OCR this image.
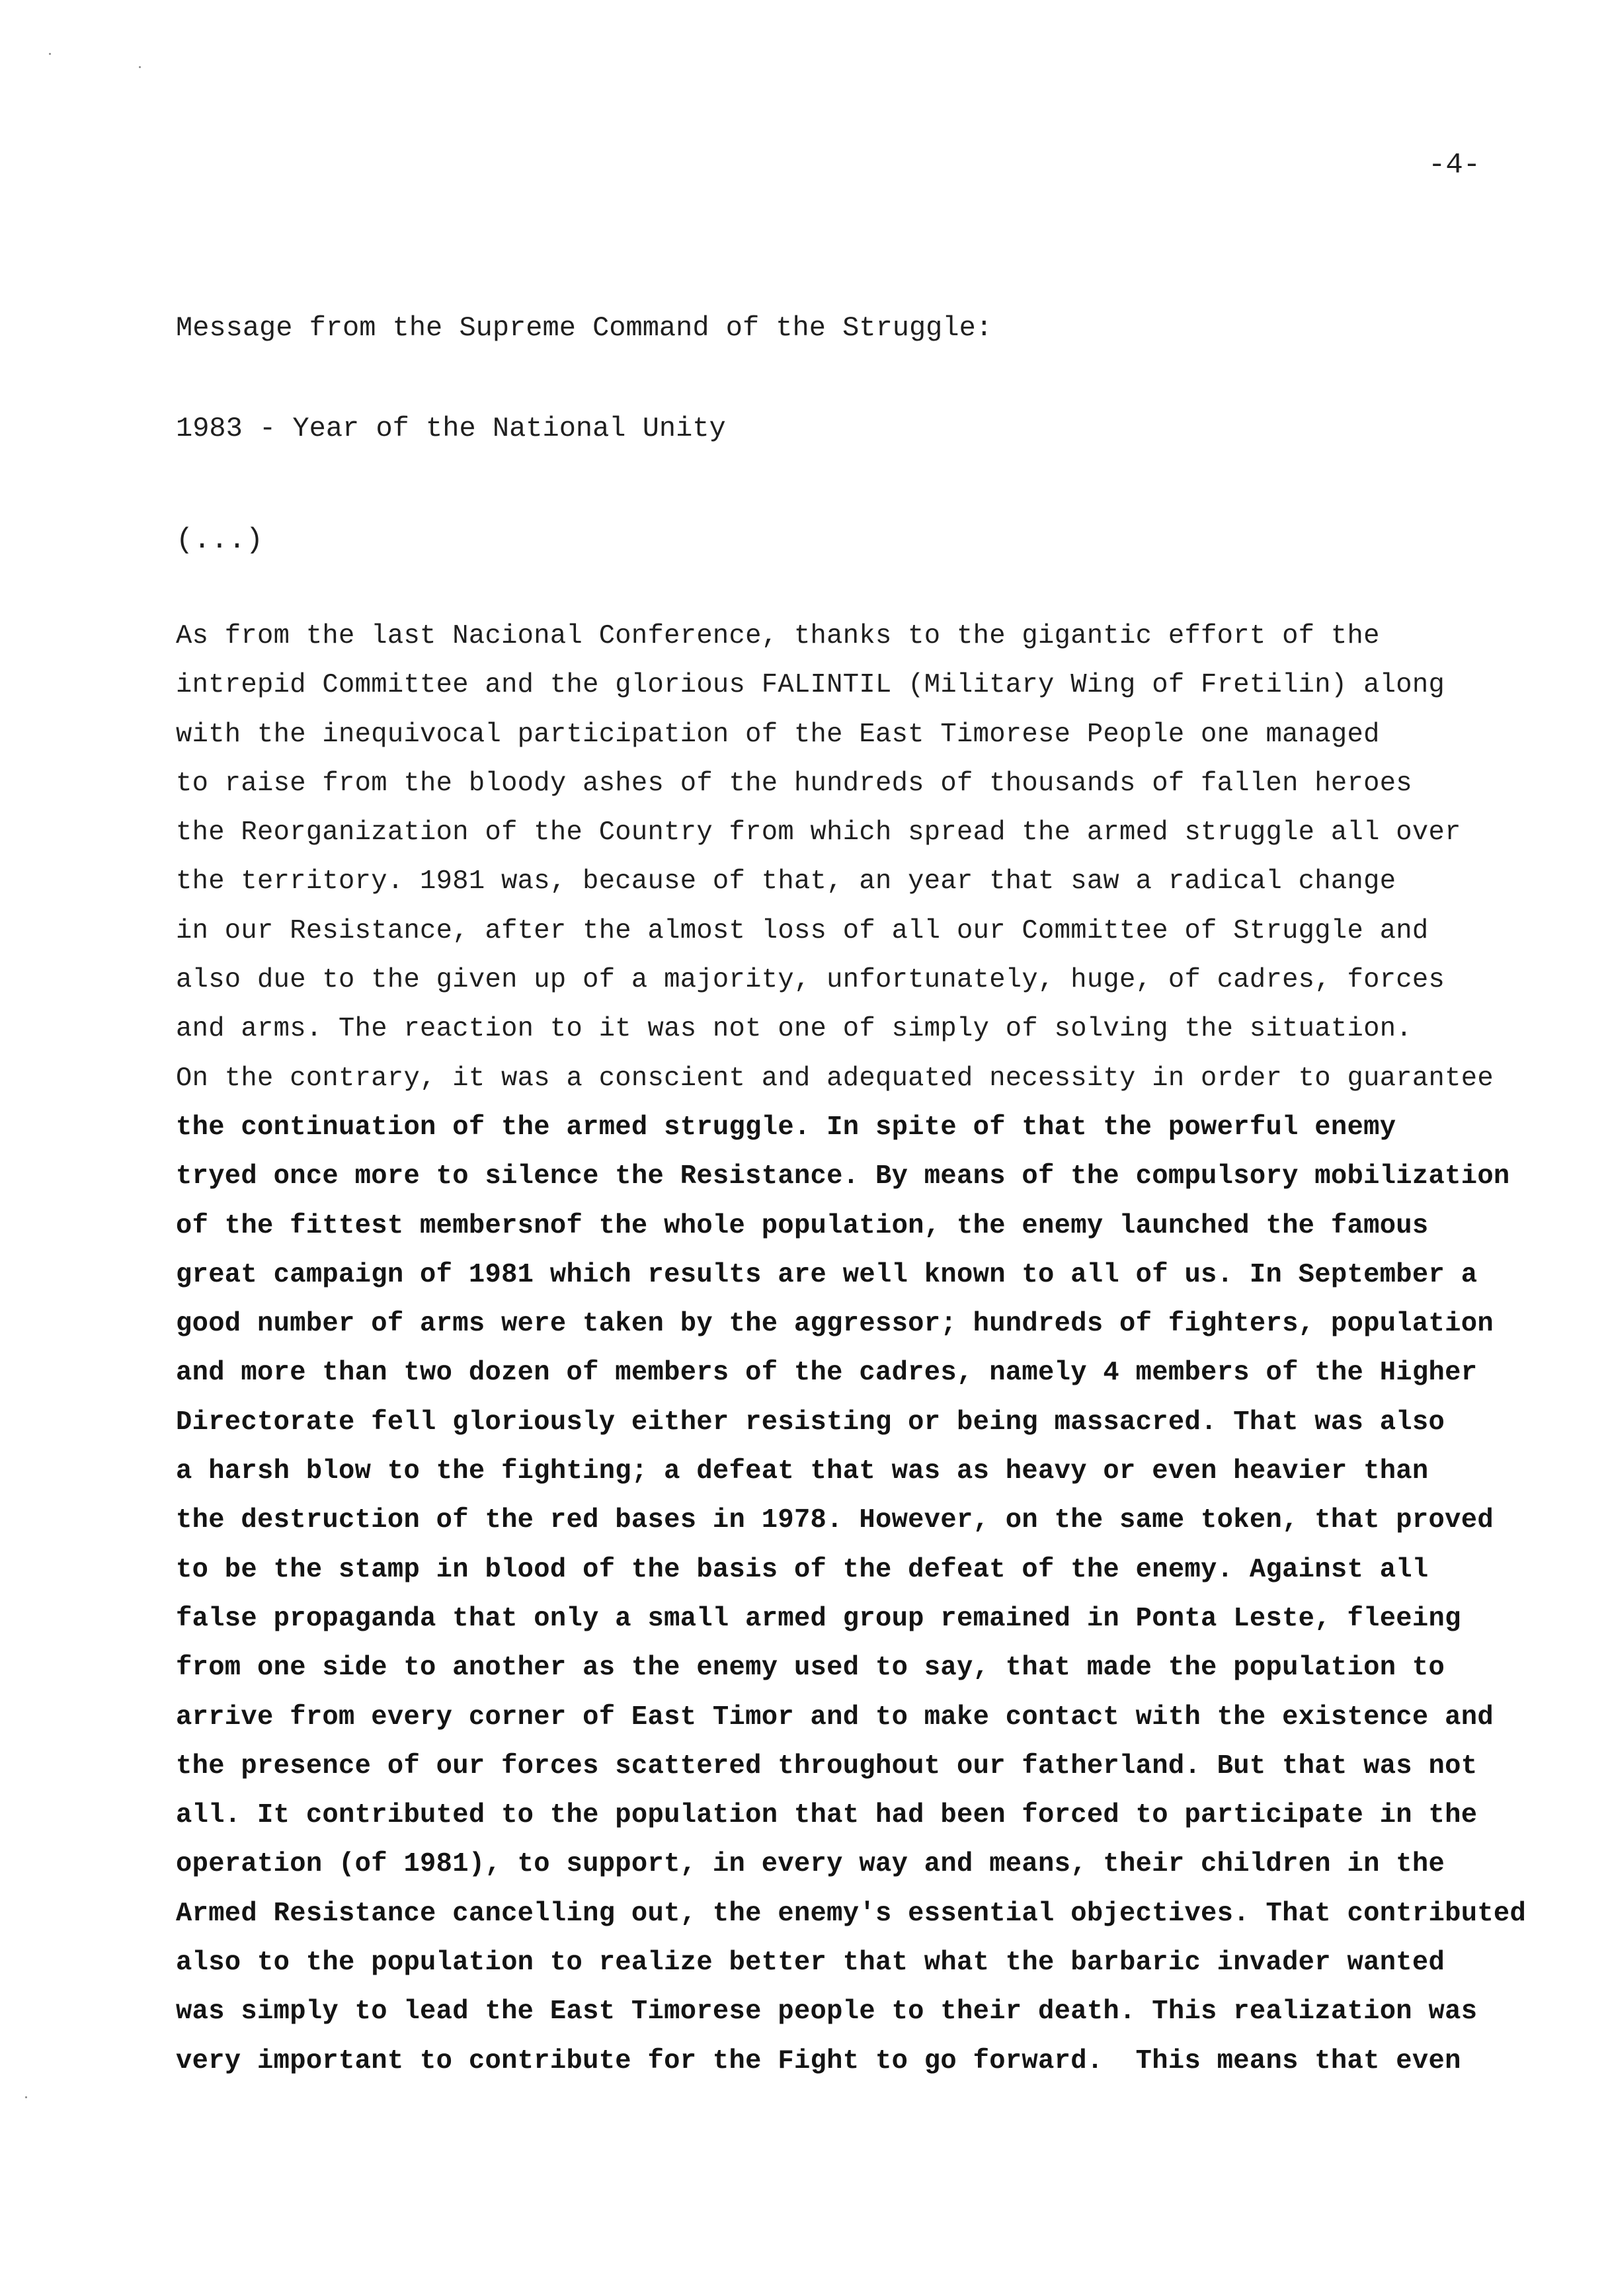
-4-
Message from the Supreme Command of the Struggle:
1983 - Year of the National Unity
(...)
As from the last Nacional Conference, thanks to the gigantic effort of the
intrepid Committee and the glorious FALINTIL (Military Wing of Fretilin) along
with the inequivocal participation of the East Timorese People one managed
to raise from the bloody ashes of the hundreds of thousands of fallen heroes
the Reorganization of the Country from which spread the armed struggle all over
the territory. 1981 was, because of that, an year that saw a radical change
in our Resistance, after the almost loss of all our Committee of Struggle and
also due to the given up of a majority, unfortunately, huge, of cadres, forces
and arms. The reaction to it was not one of simply of solving the situation.
On the contrary, it was a conscient and adequated necessity in order to guarantee
the continuation of the armed struggle. In spite of that the powerful enemy
tryed once more to silence the Resistance. By means of the compulsory mobilization
of the fittest membersnof the whole population, the enemy launched the famous
great campaign of 1981 which results are well known to all of us. In September a
good number of arms were taken by the aggressor; hundreds of fighters, population
and more than two dozen of members of the cadres, namely 4 members of the Higher
Directorate fell gloriously either resisting or being massacred. That was also
a harsh blow to the fighting; a defeat that was as heavy or even heavier than
the destruction of the red bases in 1978. However, on the same token, that proved
to be the stamp in blood of the basis of the defeat of the enemy. Against all
false propaganda that only a small armed group remained in Ponta Leste, fleeing
from one side to another as the enemy used to say, that made the population to
arrive from every corner of East Timor and to make contact with the existence and
the presence of our forces scattered throughout our fatherland. But that was not
all. It contributed to the population that had been forced to participate in the
operation (of 1981), to support, in every way and means, their children in the
Armed Resistance cancelling out, the enemy's essential objectives. That contributed
also to the population to realize better that what the barbaric invader wanted
was simply to lead the East Timorese people to their death. This realization was
very important to contribute for the Fight to go forward.  This means that even
